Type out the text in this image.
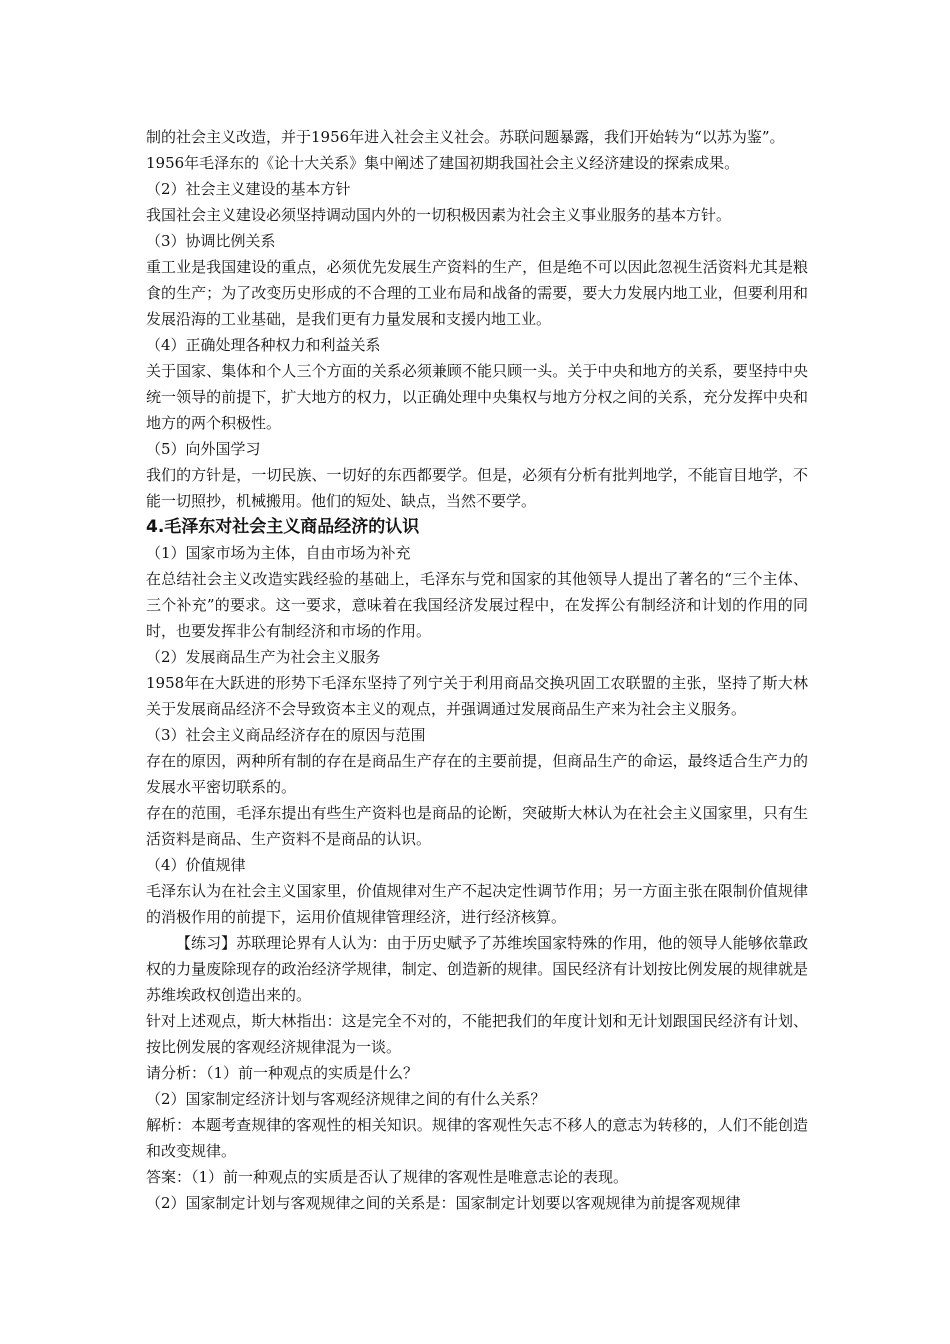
制的社会主义改造，并于1956年进入社会主义社会。苏联问题暴露，我们开始转为“以苏为鉴”。

1956年毛泽东的《论十大关系》集中阐述了建国初期我国社会主义经济建设的探索成果。

（2）社会主义建设的基本方针

我国社会主义建设必须坚持调动国内外的一切积极因素为社会主义事业服务的基本方针。

（3）协调比例关系

重工业是我国建设的重点，必须优先发展生产资料的生产，但是绝不可以因此忽视生活资料尤其是粮食的生产；为了改变历史形成的不合理的工业布局和战备的需要，要大力发展内地工业，但要利用和发展沿海的工业基础，是我们更有力量发展和支援内地工业。

（4）正确处理各种权力和利益关系

关于国家、集体和个人三个方面的关系必须兼顾不能只顾一头。关于中央和地方的关系，要坚持中央统一领导的前提下，扩大地方的权力，以正确处理中央集权与地方分权之间的关系，充分发挥中央和地方的两个积极性。

（5）向外国学习

我们的方针是，一切民族、一切好的东西都要学。但是，必须有分析有批判地学，不能盲目地学，不能一切照抄，机械搬用。他们的短处、缺点，当然不要学。

4.毛泽东对社会主义商品经济的认识

（1）国家市场为主体，自由市场为补充

在总结社会主义改造实践经验的基础上，毛泽东与党和国家的其他领导人提出了著名的“三个主体、三个补充”的要求。这一要求，意味着在我国经济发展过程中，在发挥公有制经济和计划的作用的同时，也要发挥非公有制经济和市场的作用。

（2）发展商品生产为社会主义服务

1958年在大跃进的形势下毛泽东坚持了列宁关于利用商品交换巩固工农联盟的主张，坚持了斯大林关于发展商品经济不会导致资本主义的观点，并强调通过发展商品生产来为社会主义服务。

（3）社会主义商品经济存在的原因与范围

存在的原因，两种所有制的存在是商品生产存在的主要前提，但商品生产的命运，最终适合生产力的发展水平密切联系的。

存在的范围，毛泽东提出有些生产资料也是商品的论断，突破斯大林认为在社会主义国家里，只有生活资料是商品、生产资料不是商品的认识。

（4）价值规律

毛泽东认为在社会主义国家里，价值规律对生产不起决定性调节作用；另一方面主张在限制价值规律的消极作用的前提下，运用价值规律管理经济，进行经济核算。

【练习】苏联理论界有人认为：由于历史赋予了苏维埃国家特殊的作用，他的领导人能够依靠政权的力量废除现存的政治经济学规律，制定、创造新的规律。国民经济有计划按比例发展的规律就是苏维埃政权创造出来的。

针对上述观点，斯大林指出：这是完全不对的，不能把我们的年度计划和无计划跟国民经济有计划、按比例发展的客观经济规律混为一谈。

请分析：（1）前一种观点的实质是什么？

（2）国家制定经济计划与客观经济规律之间的有什么关系？

解析：本题考查规律的客观性的相关知识。规律的客观性矢志不移人的意志为转移的，人们不能创造和改变规律。

答案：（1）前一种观点的实质是否认了规律的客观性是唯意志论的表现。

（2）国家制定计划与客观规律之间的关系是：国家制定计划要以客观规律为前提客观规律
